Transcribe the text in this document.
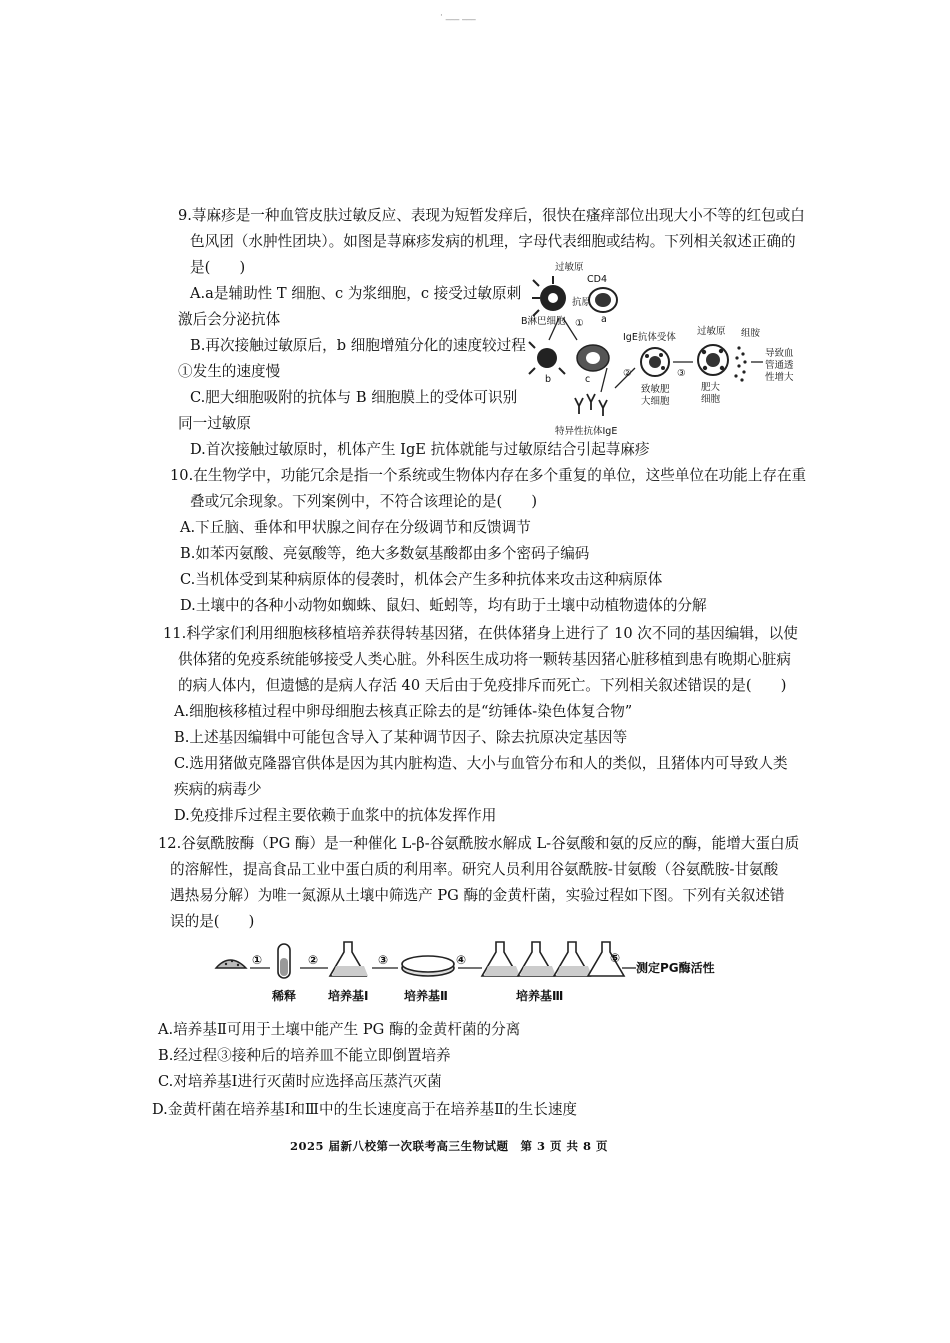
· ___ ___
9.荨麻疹是一种血管皮肤过敏反应、表现为短暂发痒后，很快在瘙痒部位出现大小不等的红包或白
色风团（水肿性团块）。如图是荨麻疹发病的机理，字母代表细胞或结构。下列相关叙述正确的
是(　　)
A.a是辅助性 T 细胞、c 为浆细胞，c 接受过敏原刺
激后会分泌抗体
B.再次接触过敏原后，b 细胞增殖分化的速度较过程
①发生的速度慢
C.肥大细胞吸附的抗体与 B 细胞膜上的受体可识别
同一过敏原
D.首次接触过敏原时，机体产生 IgE 抗体就能与过敏原结合引起荨麻疹
过敏原
CD4
抗原
a
B淋巴细胞 ①
b	c
特异性抗体IgE
②
IgE抗体受体
致敏肥
大细胞
③
过敏原
肥大
细胞
组胺
导致血
管通透
性增大
10.在生物学中，功能冗余是指一个系统或生物体内存在多个重复的单位，这些单位在功能上存在重
叠或冗余现象。下列案例中，不符合该理论的是(　　)
A.下丘脑、垂体和甲状腺之间存在分级调节和反馈调节
B.如苯丙氨酸、亮氨酸等，绝大多数氨基酸都由多个密码子编码
C.当机体受到某种病原体的侵袭时，机体会产生多种抗体来攻击这种病原体
D.土壤中的各种小动物如蜘蛛、鼠妇、蚯蚓等，均有助于土壤中动植物遗体的分解
11.科学家们利用细胞核移植培养获得转基因猪，在供体猪身上进行了 10 次不同的基因编辑，以使
供体猪的免疫系统能够接受人类心脏。外科医生成功将一颗转基因猪心脏移植到患有晚期心脏病
的病人体内，但遗憾的是病人存活 40 天后由于免疫排斥而死亡。下列相关叙述错误的是(　　)
A.细胞核移植过程中卵母细胞去核真正除去的是“纺锤体-染色体复合物”
B.上述基因编辑中可能包含导入了某种调节因子、除去抗原决定基因等
C.选用猪做克隆器官供体是因为其内脏构造、大小与血管分布和人的类似，且猪体内可导致人类
疾病的病毒少
D.免疫排斥过程主要依赖于血浆中的抗体发挥作用
12.谷氨酰胺酶（PG 酶）是一种催化 L-β-谷氨酰胺水解成 L-谷氨酸和氨的反应的酶，能增大蛋白质
的溶解性，提高食品工业中蛋白质的利用率。研究人员利用谷氨酰胺-甘氨酸（谷氨酰胺-甘氨酸
遇热易分解）为唯一氮源从土壤中筛选产 PG 酶的金黄杆菌，实验过程如下图。下列有关叙述错
误的是(　　)
①
稀释
②
培养基Ⅰ
③
培养基Ⅱ
④
培养基Ⅲ
⑤
测定PG酶活性
A.培养基Ⅱ可用于土壤中能产生 PG 酶的金黄杆菌的分离
B.经过程③接种后的培养皿不能立即倒置培养
C.对培养基Ⅰ进行灭菌时应选择高压蒸汽灭菌
D.金黄杆菌在培养基Ⅰ和Ⅲ中的生长速度高于在培养基Ⅱ的生长速度
2025 届新八校第一次联考高三生物试题　第 3 页 共 8 页
